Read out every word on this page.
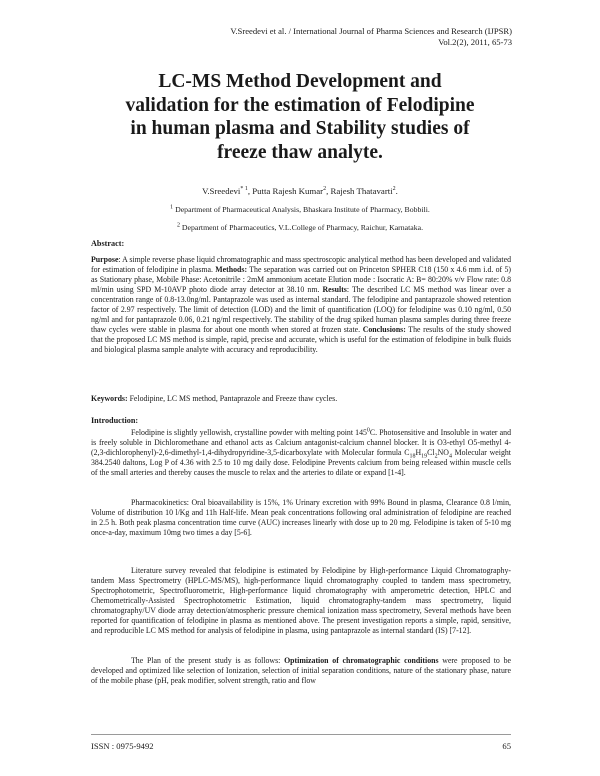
V.Sreedevi et al. / International Journal of Pharma Sciences and Research (IJPSR)
Vol.2(2), 2011, 65-73
LC-MS Method Development and
validation for the estimation of Felodipine
in human plasma and Stability studies of
freeze thaw analyte.
V.Sreedevi$^{* 1}$, Putta Rajesh Kumar$^2$, Rajesh Thatavarti$^2$.
$^1$ Department of Pharmaceutical Analysis, Bhaskara Institute of Pharmacy, Bobbili.
$^2$ Department of Pharmaceutics, V.L.College of Pharmacy, Raichur, Karnataka.
Abstract:

Purpose: A simple reverse phase liquid chromatographic and mass spectroscopic analytical method has been developed and validated for estimation of felodipine in plasma. Methods: The separation was carried out on Princeton SPHER C18 (150 x 4.6 mm i.d. of 5) as Stationary phase, Mobile Phase: Acetonitrile : 2mM ammonium acetate Elution mode : Isocratic A: B= 80:20% v/v Flow rate: 0.8 ml/min using SPD M-10AVP photo diode array detector at 38.10 nm. Results: The described LC MS method was linear over a concentration range of 0.8-13.0ng/ml. Pantaprazole was used as internal standard. The felodipine and pantaprazole showed retention factor of 2.97 respectively. The limit of detection (LOD) and the limit of quantification (LOQ) for felodipine was 0.10 ng/ml, 0.50 ng/ml and for pantaprazole 0.06, 0.21 ng/ml respectively. The stability of the drug spiked human plasma samples during three freeze thaw cycles were stable in plasma for about one month when stored at frozen state. Conclusions: The results of the study showed that the proposed LC MS method is simple, rapid, precise and accurate, which is useful for the estimation of felodipine in bulk fluids and biological plasma sample analyte with accuracy and reproducibility.

Keywords: Felodipine, LC MS method, Pantaprazole and Freeze thaw cycles.

Introduction:

Felodipine is slightly yellowish, crystalline powder with melting point $145^0C$. Photosensitive and Insoluble in water and is freely soluble in Dichloromethane and ethanol acts as Calcium antagonist-calcium channel blocker. It is O3-ethyl O5-methyl 4-(2,3-dichlorophenyl)-2,6-dimethyl-1,4-dihydropyridine-3,5-dicarboxylate with Molecular formula $C_{18}H_{19}Cl_2NO_4$ Molecular weight 384.2540 daltons, Log P of 4.36 with 2.5 to 10 mg daily dose. Felodipine Prevents calcium from being released within muscle cells of the small arteries and thereby causes the muscle to relax and the arteries to dilate or expand [1-4].

Pharmacokinetics: Oral bioavailability is 15%, 1% Urinary excretion with 99% Bound in plasma, Clearance 0.8 l/min, Volume of distribution 10 l/Kg and 11h Half-life. Mean peak concentrations following oral administration of felodipine are reached in 2.5 h. Both peak plasma concentration time curve (AUC) increases linearly with dose up to 20 mg. Felodipine is taken of 5-10 mg once-a-day, maximum 10mg two times a day [5-6].

Literature survey revealed that felodipine is estimated by Felodipine by High-performance Liquid Chromatography-tandem Mass Spectrometry (HPLC-MS/MS), high-performance liquid chromatography coupled to tandem mass spectrometry, Spectrophotometric, Spectrofluorometric, High-performance liquid chromatography with amperometric detection, HPLC and Chemometrically-Assisted Spectrophotometric Estimation, liquid chromatography-tandem mass spectrometry, liquid chromatography/UV diode array detection/atmospheric pressure chemical ionization mass spectrometry, Several methods have been reported for quantification of felodipine in plasma as mentioned above. The present investigation reports a simple, rapid, sensitive, and reproducible LC MS method for analysis of felodipine in plasma, using pantaprazole as internal standard (IS) [7-12].

The Plan of the present study is as follows: Optimization of chromatographic conditions were proposed to be developed and optimized like selection of Ionization, selection of initial separation conditions, nature of the stationary phase, nature of the mobile phase (pH, peak modifier, solvent strength, ratio and flow

ISSN : 0975-9492	65
